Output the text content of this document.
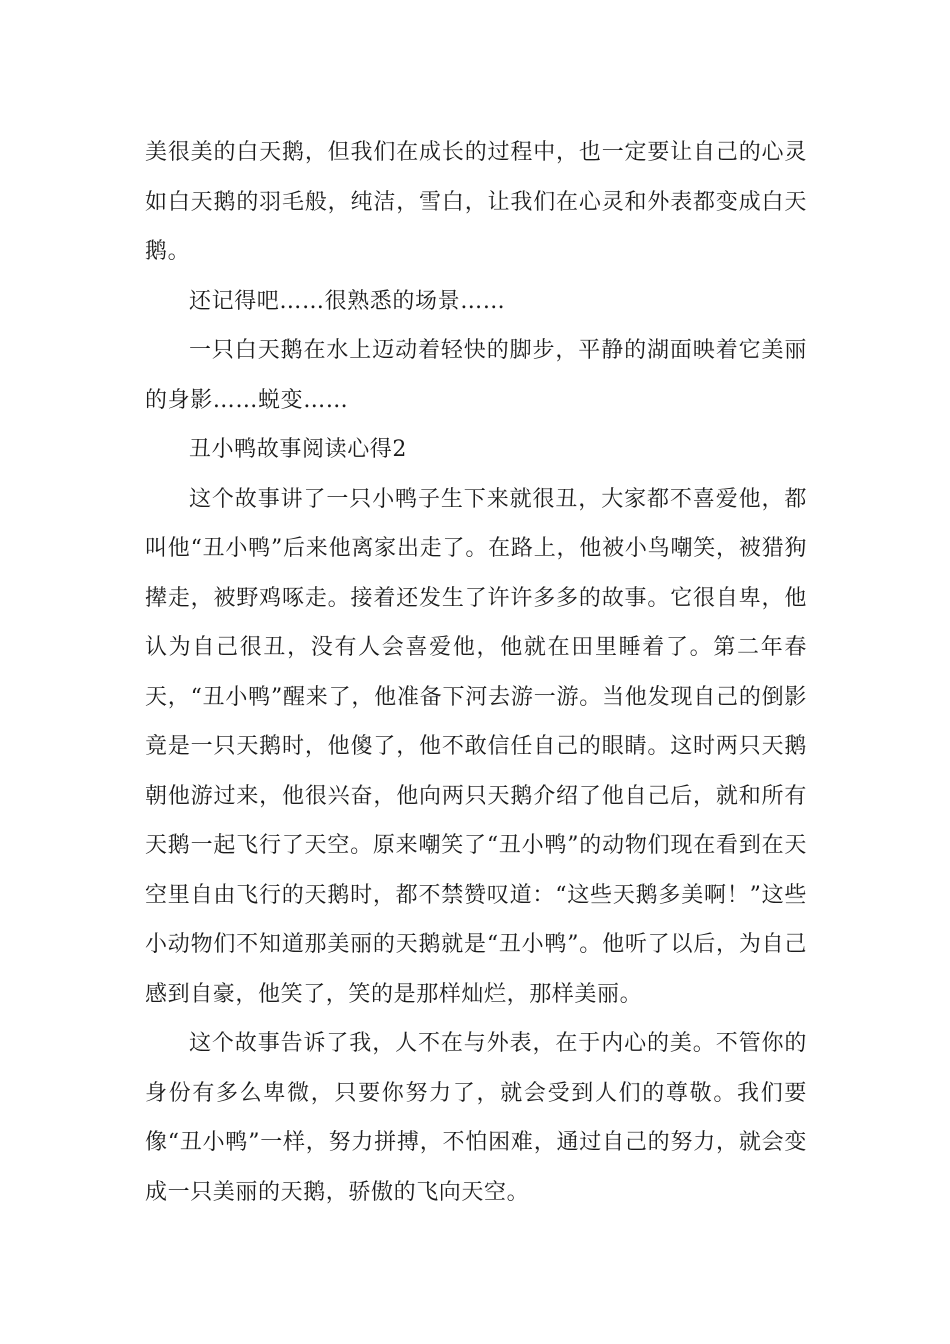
美很美的白天鹅，但我们在成长的过程中，也一定要让自己的心灵如白天鹅的羽毛般，纯洁，雪白，让我们在心灵和外表都变成白天鹅。

还记得吧……很熟悉的场景……

一只白天鹅在水上迈动着轻快的脚步，平静的湖面映着它美丽的身影……蜕变……

丑小鸭故事阅读心得2

这个故事讲了一只小鸭子生下来就很丑，大家都不喜爱他，都叫他“丑小鸭”后来他离家出走了。在路上，他被小鸟嘲笑，被猎狗撵走，被野鸡啄走。接着还发生了许许多多的故事。它很自卑，他认为自己很丑，没有人会喜爱他，他就在田里睡着了。第二年春天，“丑小鸭”醒来了，他准备下河去游一游。当他发现自己的倒影竟是一只天鹅时，他傻了，他不敢信任自己的眼睛。这时两只天鹅朝他游过来，他很兴奋，他向两只天鹅介绍了他自己后，就和所有天鹅一起飞行了天空。原来嘲笑了“丑小鸭”的动物们现在看到在天空里自由飞行的天鹅时，都不禁赞叹道：“这些天鹅多美啊！”这些小动物们不知道那美丽的天鹅就是“丑小鸭”。他听了以后，为自己感到自豪，他笑了，笑的是那样灿烂，那样美丽。

这个故事告诉了我，人不在与外表，在于内心的美。不管你的身份有多么卑微，只要你努力了，就会受到人们的尊敬。我们要像“丑小鸭”一样，努力拼搏，不怕困难，通过自己的努力，就会变成一只美丽的天鹅，骄傲的飞向天空。
